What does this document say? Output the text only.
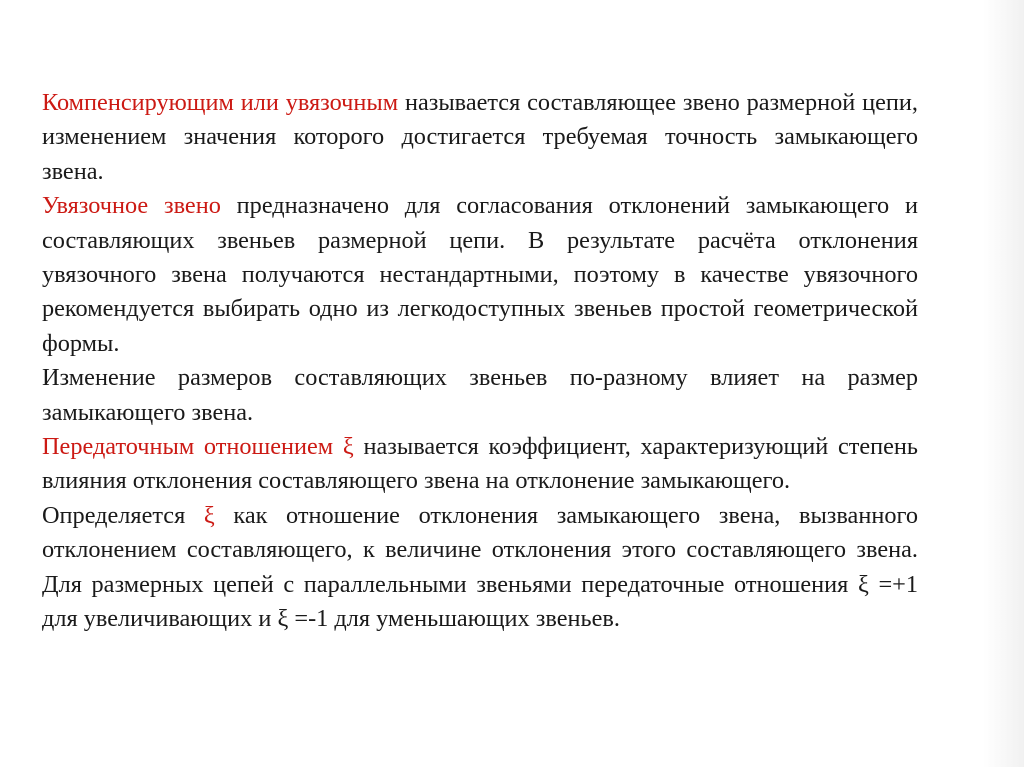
Компенсирующим или увязочным называется составляющее звено размерной цепи, изменением значения которого достигается требуемая точность замыкающего звена.

Увязочное звено предназначено для согласования отклонений замыкающего и составляющих звеньев размерной цепи. В результате расчёта отклонения увязочного звена получаются нестандартными, поэтому в качестве увязочного рекомендуется выбирать одно из легкодоступных звеньев простой геометрической формы.

Изменение размеров составляющих звеньев по-разному влияет на размер замыкающего звена.

Передаточным отношением ξ называется коэффициент, характеризующий степень влияния отклонения составляющего звена на отклонение замыкающего.

Определяется ξ как отношение отклонения замыкающего звена, вызванного отклонением составляющего, к величине отклонения этого составляющего звена. Для размерных цепей с параллельными звеньями передаточные отношения ξ =+1 для увеличивающих и ξ =-1 для уменьшающих звеньев.
